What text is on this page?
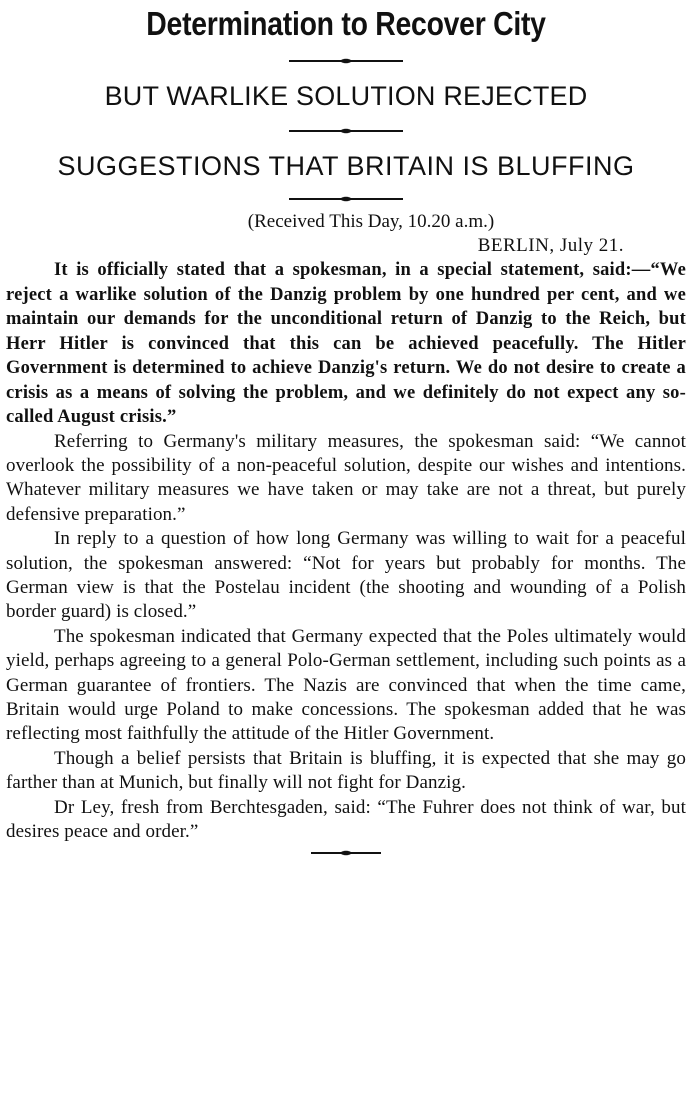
Determination to Recover City
BUT WARLIKE SOLUTION REJECTED
SUGGESTIONS THAT BRITAIN IS BLUFFING
(Received This Day, 10.20 a.m.)
BERLIN, July 21.

It is officially stated that a spokesman, in a special statement, said:—“We reject a warlike solution of the Danzig problem by one hundred per cent, and we maintain our demands for the unconditional return of Danzig to the Reich, but Herr Hitler is convinced that this can be achieved peacefully. The Hitler Government is determined to achieve Danzig's return. We do not desire to create a crisis as a means of solving the problem, and we definitely do not expect any so-called August crisis.”

Referring to Germany's military measures, the spokesman said: “We cannot overlook the possibility of a non-peaceful solution, despite our wishes and intentions. Whatever military measures we have taken or may take are not a threat, but purely defensive preparation.”

In reply to a question of how long Germany was willing to wait for a peaceful solution, the spokesman answered: “Not for years but probably for months. The German view is that the Postelau incident (the shooting and wounding of a Polish border guard) is closed.”

The spokesman indicated that Germany expected that the Poles ultimately would yield, perhaps agreeing to a general Polo-German settlement, including such points as a German guarantee of frontiers. The Nazis are convinced that when the time came, Britain would urge Poland to make concessions. The spokesman added that he was reflecting most faithfully the attitude of the Hitler Government.

Though a belief persists that Britain is bluffing, it is expected that she may go farther than at Munich, but finally will not fight for Danzig.

Dr Ley, fresh from Berchtesgaden, said: “The Fuhrer does not think of war, but desires peace and order.”
